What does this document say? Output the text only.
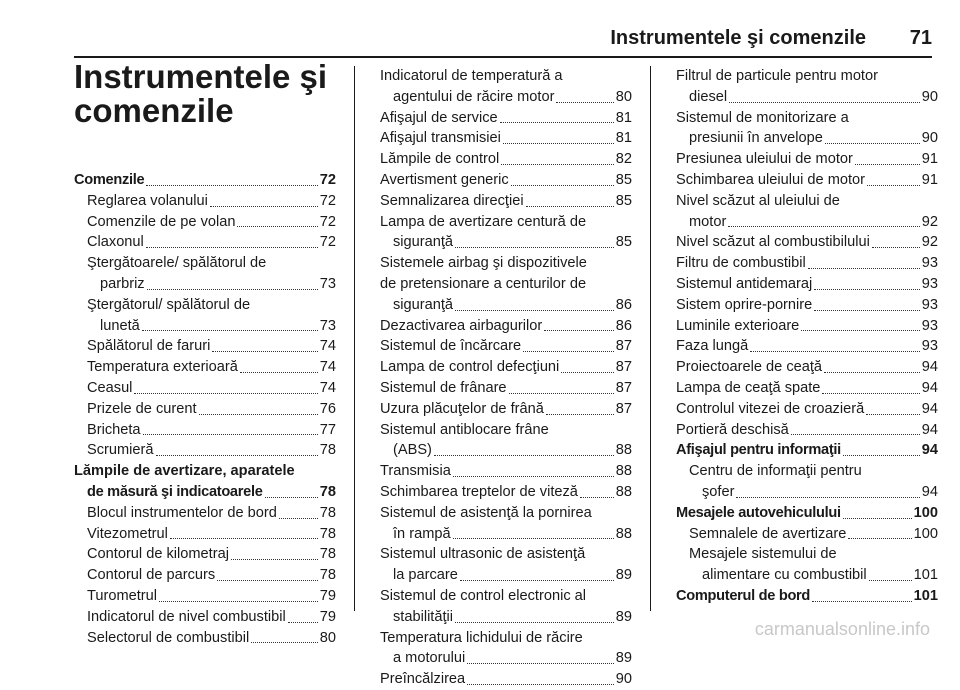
Instrumentele şi comenzile 71
Instrumentele şi
comenzile
Comenzile	72
Reglarea volanului	72
Comenzile de pe volan	72
Claxonul	72
Ştergătoarele/ spălătorul de
parbriz	73
Ştergătorul/ spălătorul de
lunetă	73
Spălătorul de faruri	74
Temperatura exterioară	74
Ceasul	74
Prizele de curent	76
Bricheta	77
Scrumieră	78
Lămpile de avertizare, aparatele
de măsură şi indicatoarele	78
Blocul instrumentelor de bord	78
Vitezometrul	78
Contorul de kilometraj	78
Contorul de parcurs	78
Turometrul	79
Indicatorul de nivel combustibil 79
Selectorul de combustibil	80
Indicatorul de temperatură a
agentului de răcire motor	80
Afişajul de service	81
Afişajul transmisiei	81
Lămpile de control	82
Avertisment generic	85
Semnalizarea direcţiei	85
Lampa de avertizare centură de
siguranţă	85
Sistemele airbag şi dispozitivele
de pretensionare a centurilor de
siguranţă	86
Dezactivarea airbagurilor	86
Sistemul de încărcare	87
Lampa de control defecţiuni	87
Sistemul de frânare	87
Uzura plăcuţelor de frână	87
Sistemul antiblocare frâne
(ABS)	88
Transmisia	88
Schimbarea treptelor de viteză	88
Sistemul de asistenţă la pornirea
în rampă	88
Sistemul ultrasonic de asistenţă
la parcare	89
Sistemul de control electronic al
stabilităţii	89
Temperatura lichidului de răcire
a motorului	89
Preîncălzirea	90
Filtrul de particule pentru motor
diesel	90
Sistemul de monitorizare a
presiunii în anvelope	90
Presiunea uleiului de motor	91
Schimbarea uleiului de motor	91
Nivel scăzut al uleiului de
motor	92
Nivel scăzut al combustibilului	92
Filtru de combustibil	93
Sistemul antidemaraj	93
Sistem oprire-pornire	93
Luminile exterioare	93
Faza lungă	93
Proiectoarele de ceaţă	94
Lampa de ceaţă spate	94
Controlul vitezei de croazieră	94
Portieră deschisă	94
Afişajul pentru informaţii	94
Centru de informaţii pentru
şofer	94
Mesajele autovehiculului	100
Semnalele de avertizare	100
Mesajele sistemului de
alimentare cu combustibil	101
Computerul de bord	101
carmanualsonline.info
